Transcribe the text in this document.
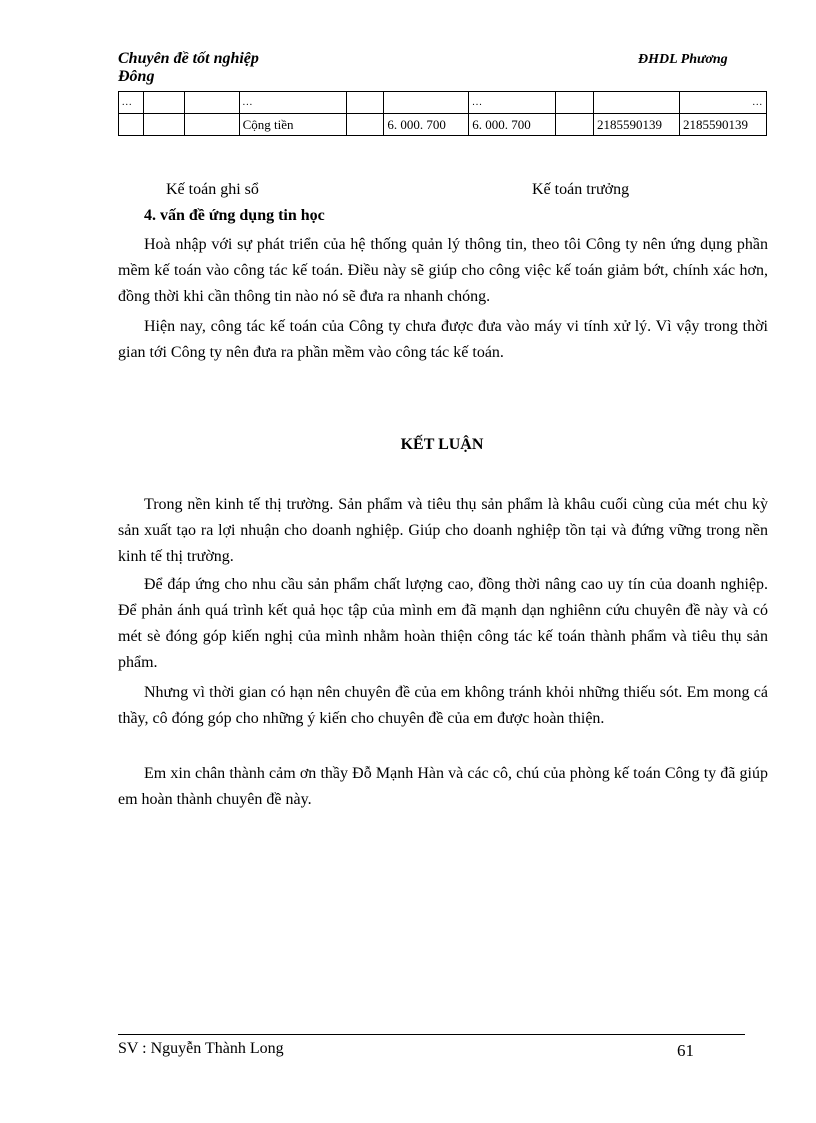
Chuyên đề tốt nghiệp
Đông
ĐHDL Phương
...			...			...			...
			Cộng tiền		6. 000. 700	6. 000. 700		2185590139	2185590139
Kế toán ghi sổ	Kế toán trưởng
4. vấn đề ứng dụng tin học

Hoà nhập với sự phát triển của hệ thống quản lý thông tin, theo tôi Công ty nên ứng dụng phần mềm kế toán vào công tác kế toán. Điều này sẽ giúp cho công việc kế toán giảm bớt, chính xác hơn, đồng thời khi cần thông tin nào nó sẽ đưa ra nhanh chóng.

Hiện nay, công tác kế toán của Công ty chưa được đưa vào máy vi tính xử lý. Vì vậy trong thời gian tới Công ty nên đưa ra phần mềm vào công tác kế toán.

KẾT LUẬN

Trong nền kinh tế thị trường. Sản phẩm và tiêu thụ sản phẩm là khâu cuối cùng của mét chu kỳ sản xuất tạo ra lợi nhuận cho doanh nghiệp. Giúp cho doanh nghiệp tồn tại và đứng vững trong nền kinh tế thị trường.

Để đáp ứng cho nhu cầu sản phẩm chất lượng cao, đồng thời nâng cao uy tín của doanh nghiệp. Để phản ánh quá trình kết quả học tập của mình em đã mạnh dạn nghiênn cứu chuyên đề này và có mét sè đóng góp kiến nghị của mình nhằm hoàn thiện công tác kế toán thành phẩm và tiêu thụ sản phẩm.

Nhưng vì thời gian có hạn nên chuyên đề của em không tránh khỏi những thiếu sót. Em mong cá thầy, cô đóng góp cho những ý kiến cho chuyên đề của em được hoàn thiện.

Em xin chân thành cảm ơn thầy Đỗ Mạnh Hàn và các cô, chú của phòng kế toán Công ty đã giúp em hoàn thành chuyên đề này.

SV : Nguyễn Thành Long	61
